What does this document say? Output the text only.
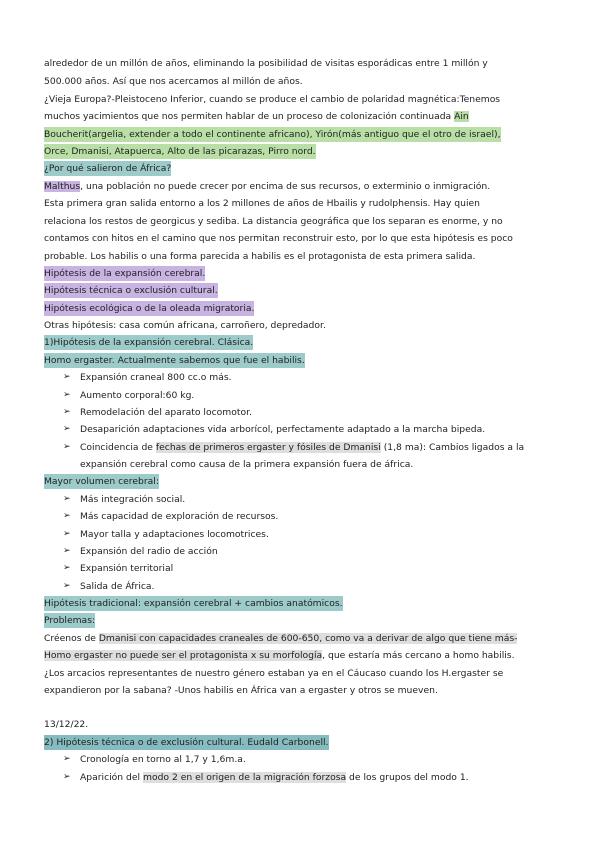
alrededor de un millón de años, eliminando la posibilidad de visitas esporádicas entre 1 millón y
500.000 años. Así que nos acercamos al millón de años.
¿Vieja Europa?-Pleistoceno Inferior, cuando se produce el cambio de polaridad magnética:Tenemos
muchos yacimientos que nos permiten hablar de un proceso de colonización continuada Ain
Boucherit(argelia, extender a todo el continente africano), Yirón(más antiguo que el otro de israel),
Orce, Dmanisi, Atapuerca, Alto de las picarazas, Pirro nord.
¿Por qué salieron de África?
Malthus, una población no puede crecer por encima de sus recursos, o exterminio o inmigración.
Esta primera gran salida entorno a los 2 millones de años de Hbailis y rudolphensis. Hay quien
relaciona los restos de georgicus y sediba. La distancia geográfica que los separan es enorme, y no
contamos con hitos en el camino que nos permitan reconstruir esto, por lo que esta hipótesis es poco
probable. Los habilis o una forma parecida a habilis es el protagonista de esta primera salida.
Hipótesis de la expansión cerebral.
Hipótesis técnica o exclusión cultural.
Hipótesis ecológica o de la oleada migratoria.
Otras hipótesis: casa común africana, carroñero, depredador.
1)Hipótesis de la expansión cerebral. Clásica.
Homo ergaster. Actualmente sabemos que fue el habilis.
➢	Expansión craneal 800 cc.o más.
➢	Aumento corporal:60 kg.
➢	Remodelación del aparato locomotor.
➢	Desaparición adaptaciones vida arborícol, perfectamente adaptado a la marcha bipeda.
➢	Coincidencia de fechas de primeros ergaster y fósiles de Dmanisi (1,8 ma): Cambios ligados a la
expansión cerebral como causa de la primera expansión fuera de áfrica.
Mayor volumen cerebral:
➢	Más integración social.
➢	Más capacidad de exploración de recursos.
➢	Mayor talla y adaptaciones locomotrices.
➢	Expansión del radio de acción
➢	Expansión territorial
➢	Salida de África.
Hipótesis tradicional: expansión cerebral + cambios anatómicos.
Problemas:
Créenos de Dmanisi con capacidades craneales de 600-650, como va a derivar de algo que tiene más-
Homo ergaster no puede ser el protagonista x su morfología, que estaría más cercano a homo habilis.
¿Los arcacios representantes de nuestro género estaban ya en el Cáucaso cuando los H.ergaster se
expandieron por la sabana? -Unos habilis en África van a ergaster y otros se mueven.
13/12/22.
2) Hipótesis técnica o de exclusión cultural. Eudald Carbonell.
➢	Cronología en torno al 1,7 y 1,6m.a.
➢	Aparición del modo 2 en el origen de la migración forzosa de los grupos del modo 1.
